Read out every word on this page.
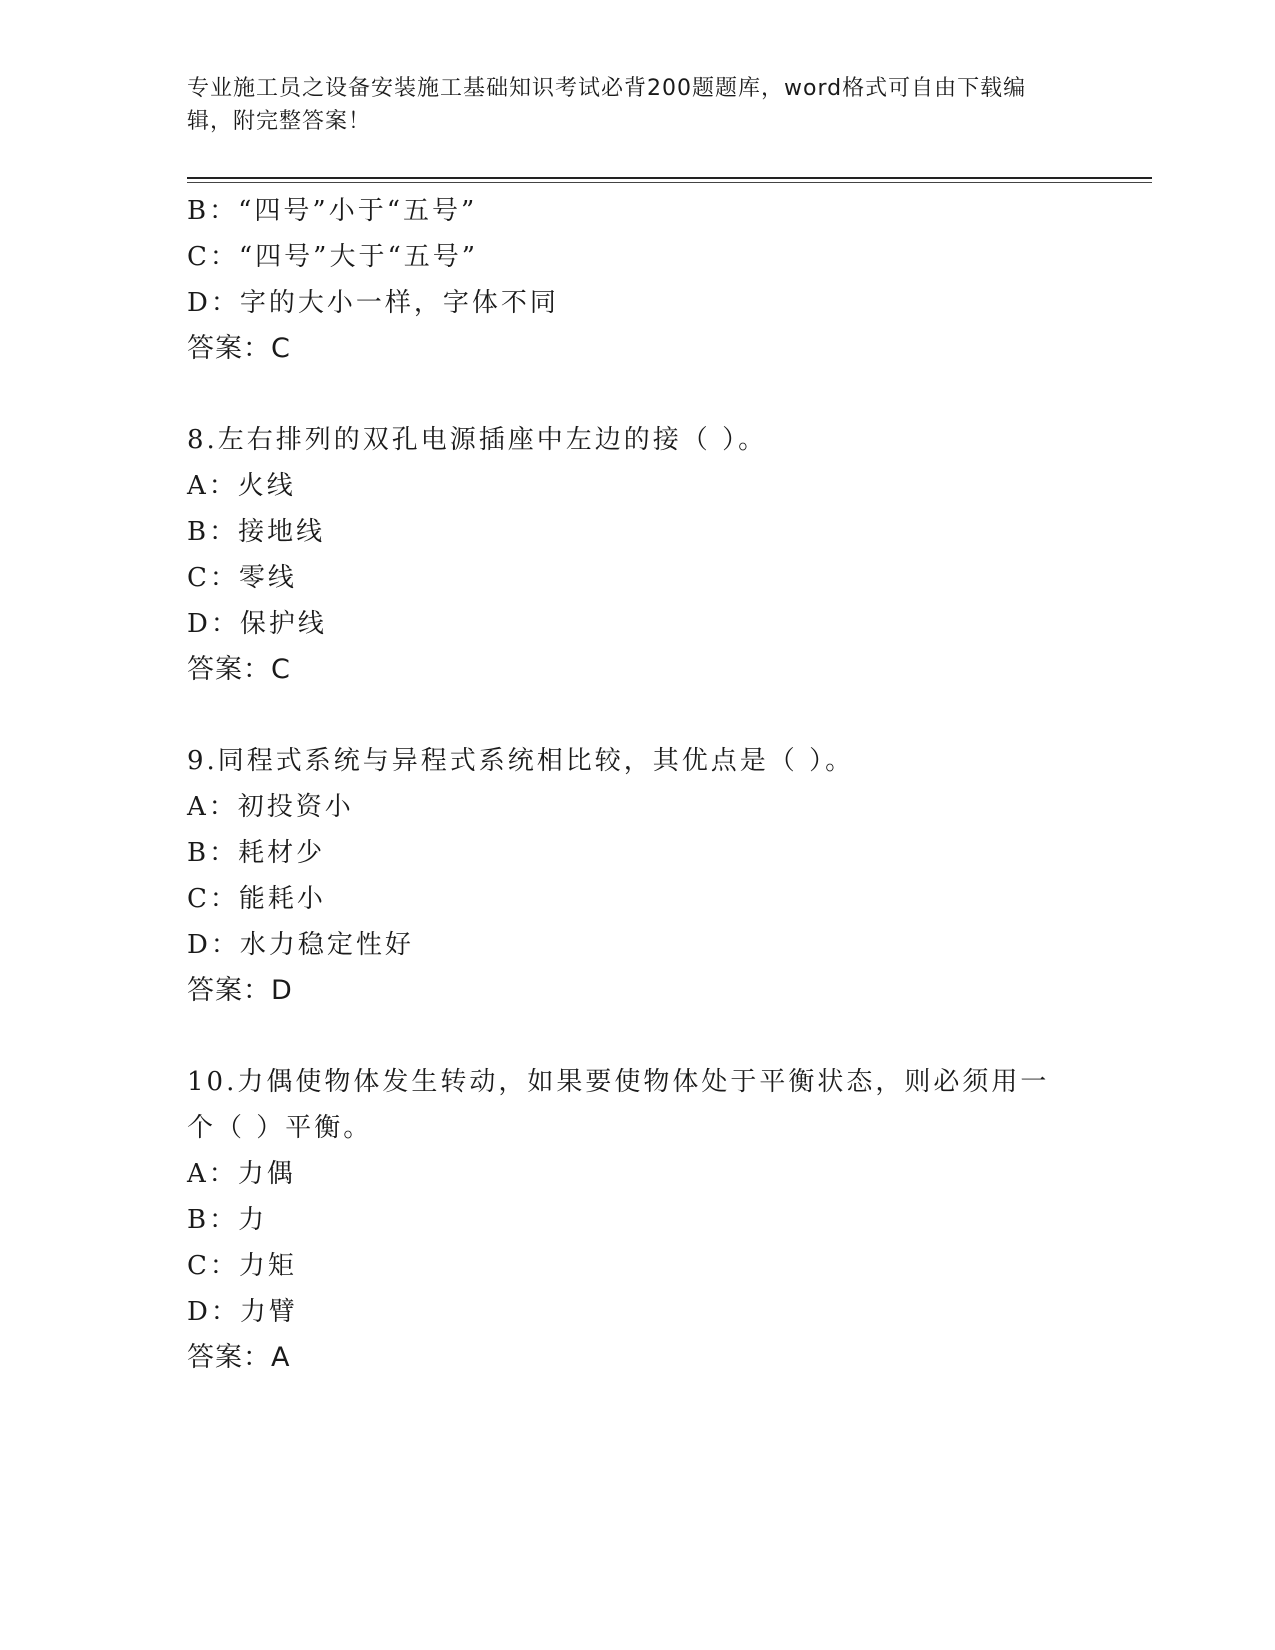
专业施工员之设备安装施工基础知识考试必背200题题库，word格式可自由下载编辑，附完整答案！
B：“四号”小于“五号”
C：“四号”大于“五号”
D：字的大小一样，字体不同
答案：C
8.左右排列的双孔电源插座中左边的接（ ）。
A：火线
B：接地线
C：零线
D：保护线
答案：C
9.同程式系统与异程式系统相比较，其优点是（ ）。
A：初投资小
B：耗材少
C：能耗小
D：水力稳定性好
答案：D
10.力偶使物体发生转动，如果要使物体处于平衡状态，则必须用一个（ ）平衡。
A：力偶
B：力
C：力矩
D：力臂
答案：A
